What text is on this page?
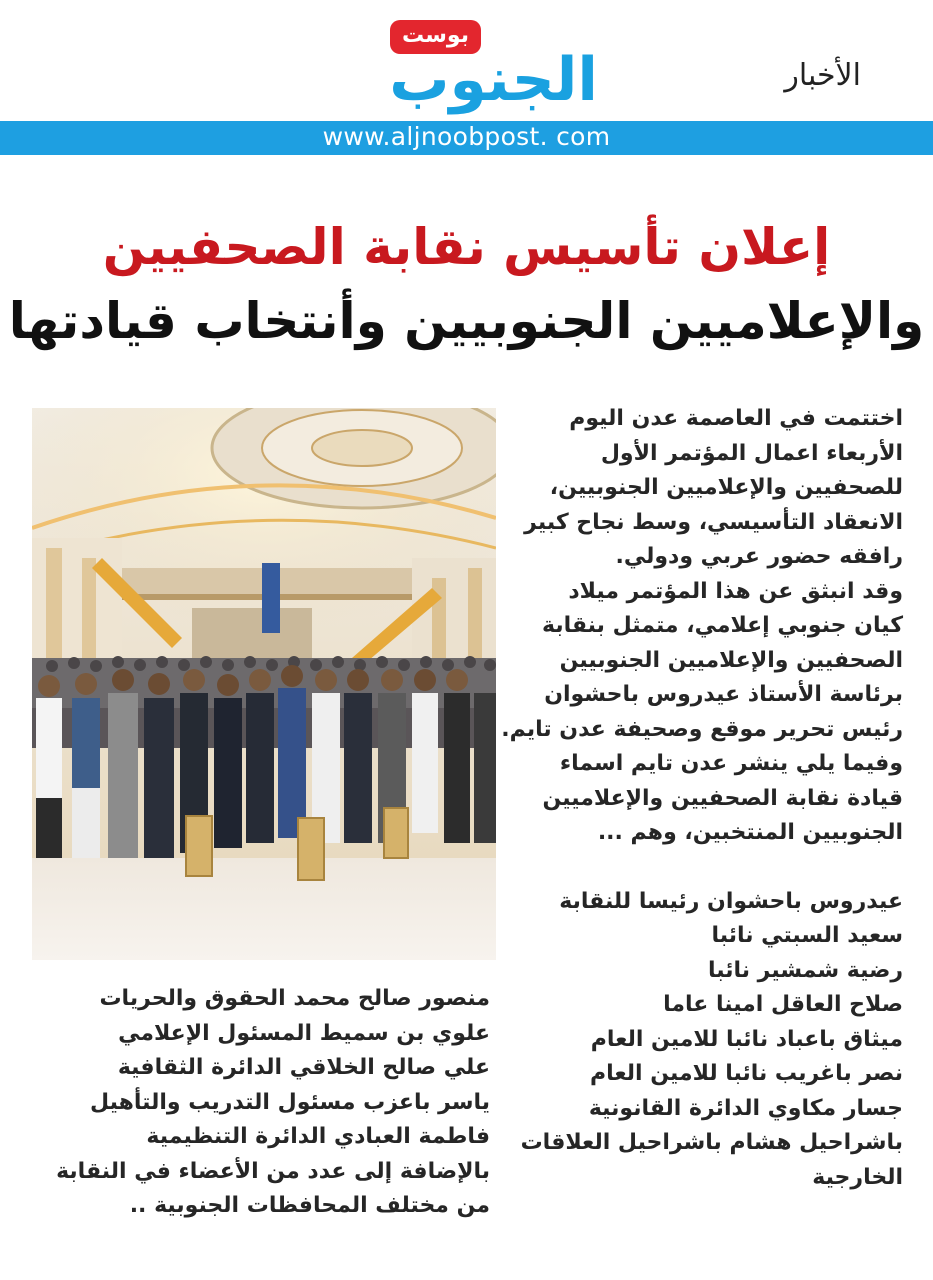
الأخبار
بوست
الجنوب
www.aljnoobpost. com
إعلان تأسيس نقابة الصحفيين
والإعلاميين الجنوبيين وأنتخاب قيادتها

اختتمت في العاصمة عدن اليوم

الأربعاء اعمال المؤتمر الأول

للصحفيين والإعلاميين الجنوبيين،

الانعقاد التأسيسي، وسط نجاح كبير

رافقه حضور عربي ودولي.

وقد انبثق عن هذا المؤتمر ميلاد

كيان جنوبي إعلامي، متمثل بنقابة

الصحفيين والإعلاميين الجنوبيين

برئاسة الأستاذ عيدروس باحشوان

رئيس تحرير موقع وصحيفة عدن تايم.

وفيما يلي ينشر عدن تايم اسماء

قيادة نقابة الصحفيين والإعلاميين

الجنوبيين المنتخبين، وهم ...

عيدروس باحشوان رئيسا للنقابة

سعيد السبتي نائبا

رضية شمشير نائبا

صلاح العاقل امينا عاما

ميثاق باعباد نائبا للامين العام

نصر باغريب نائبا للامين العام

جسار مكاوي الدائرة القانونية

باشراحيل هشام باشراحيل العلاقات

الخارجية

منصور صالح محمد الحقوق والحريات

علوي بن سميط المسئول الإعلامي

علي صالح الخلاقي الدائرة الثقافية

ياسر باعزب مسئول التدريب والتأهيل

فاطمة العبادي الدائرة التنظيمية

بالإضافة إلى عدد من الأعضاء في النقابة

من مختلف المحافظات الجنوبية ..
